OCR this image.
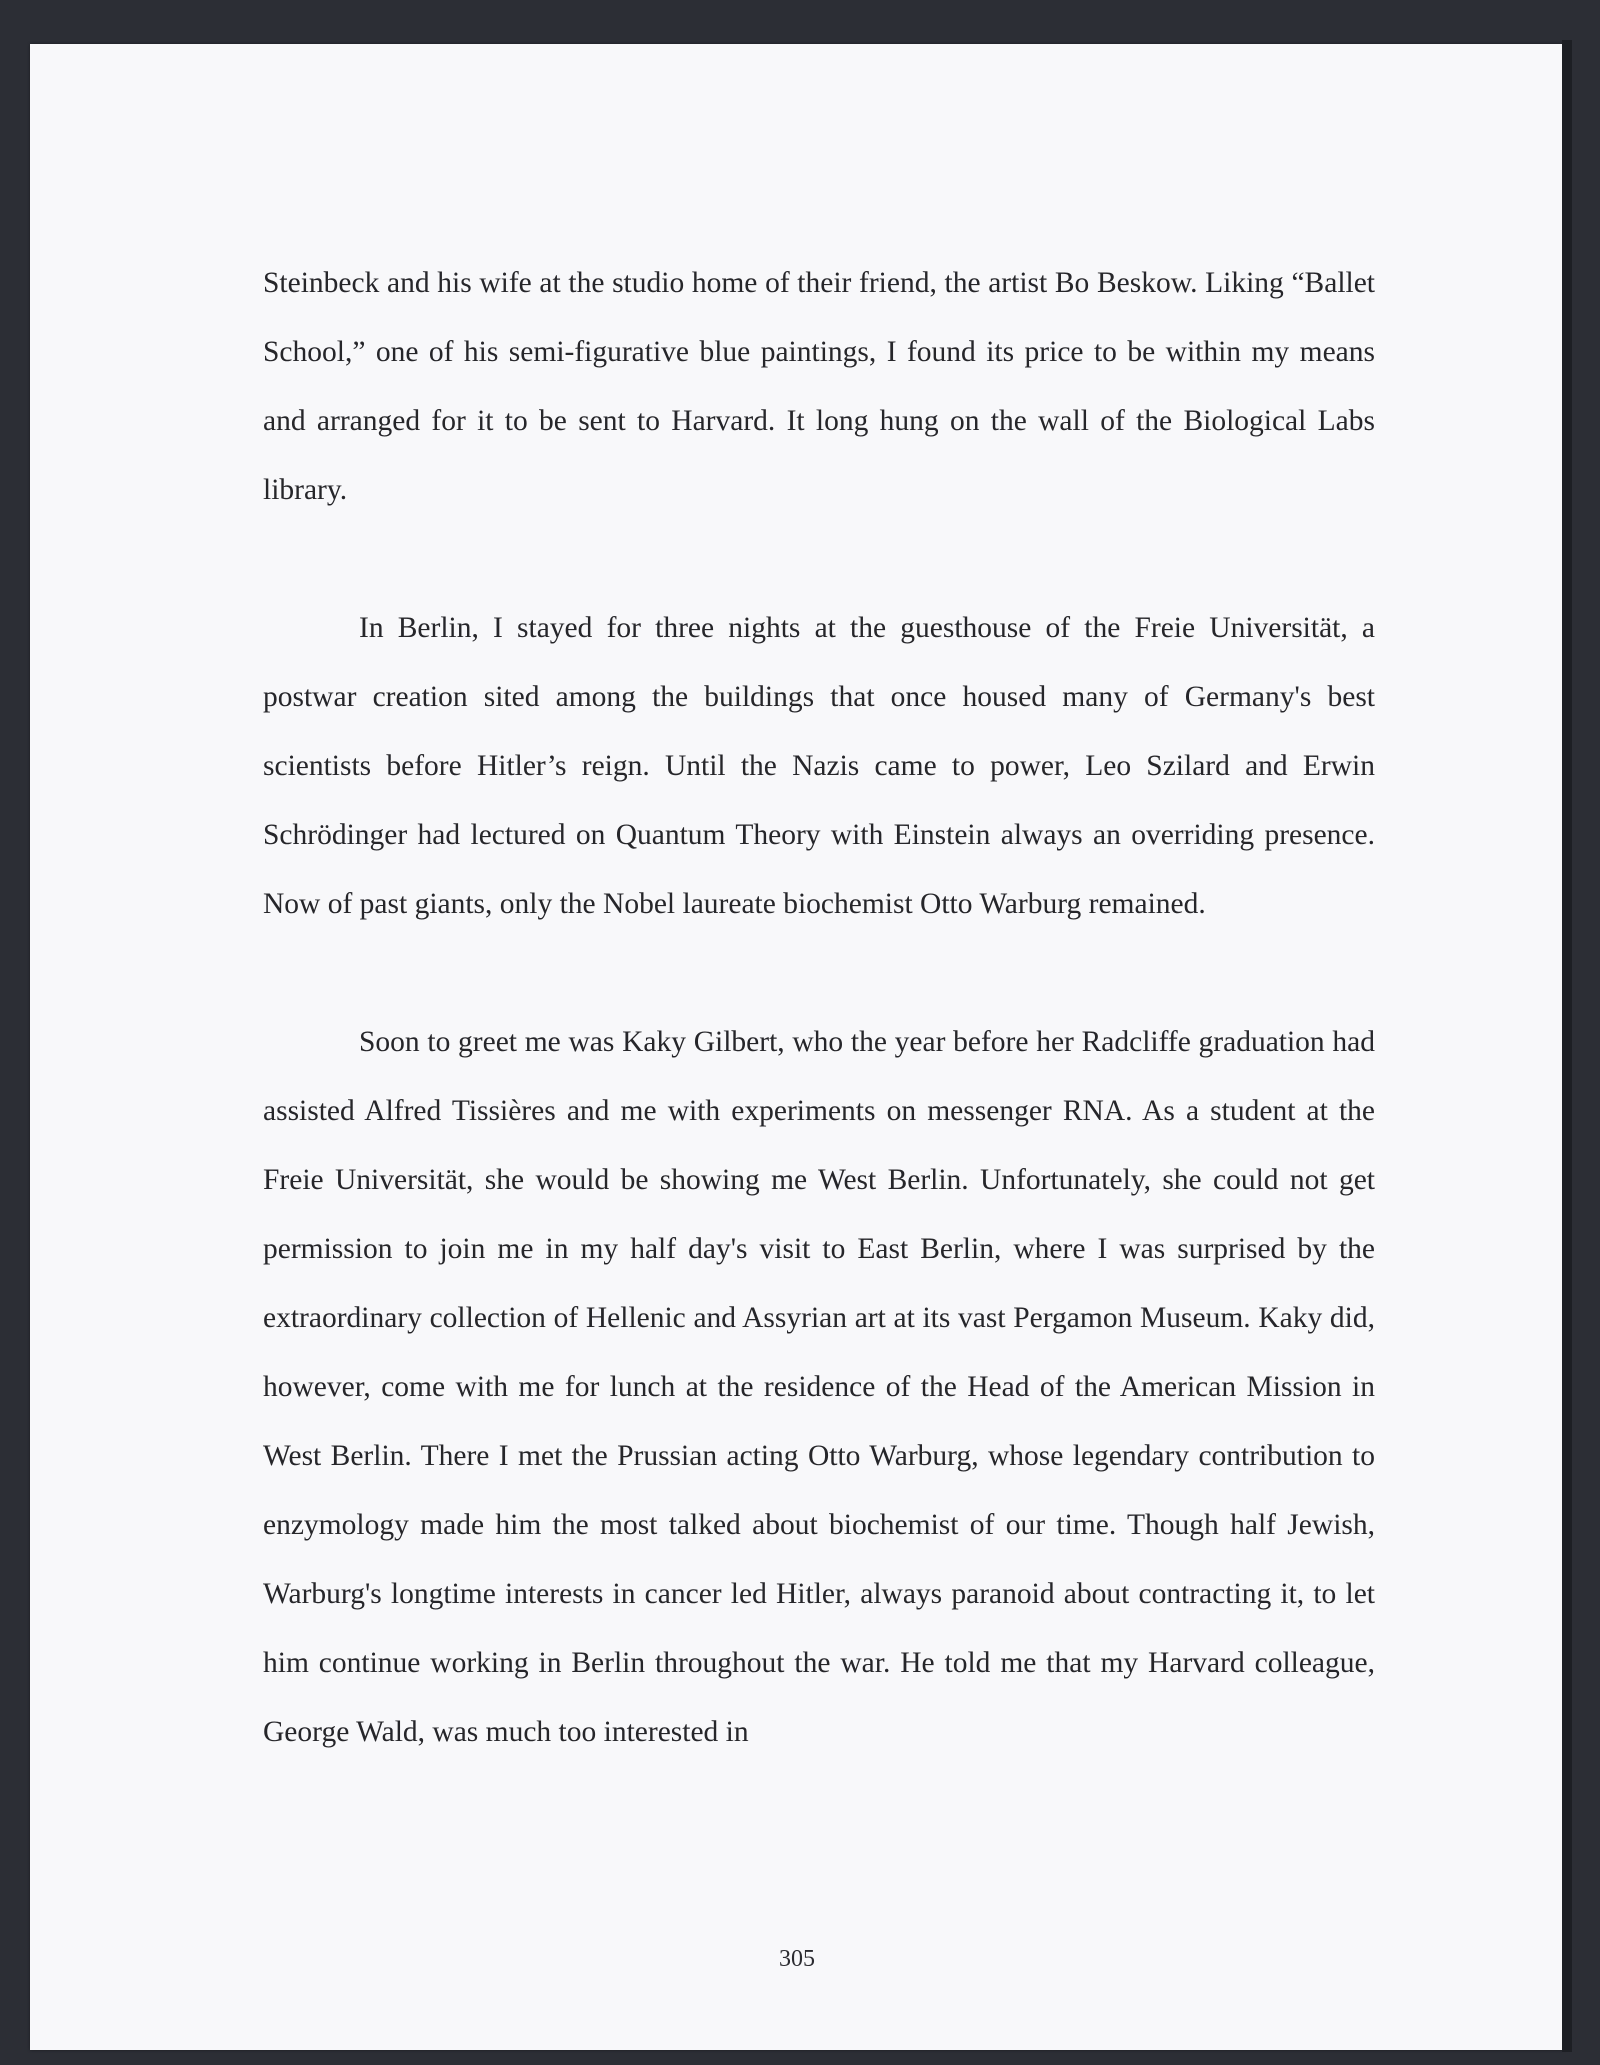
Steinbeck and his wife at the studio home of their friend, the artist Bo Beskow. Liking “Ballet School,” one of his semi-figurative blue paintings, I found its price to be within my means and arranged for it to be sent to Harvard. It long hung on the wall of the Biological Labs library.

In Berlin, I stayed for three nights at the guesthouse of the Freie Universität, a postwar creation sited among the buildings that once housed many of Germany's best scientists before Hitler’s reign. Until the Nazis came to power, Leo Szilard and Erwin Schrödinger had lectured on Quantum Theory with Einstein always an overriding presence. Now of past giants, only the Nobel laureate biochemist Otto Warburg remained.

Soon to greet me was Kaky Gilbert, who the year before her Radcliffe graduation had assisted Alfred Tissières and me with experiments on messenger RNA. As a student at the Freie Universität, she would be showing me West Berlin. Unfortunately, she could not get permission to join me in my half day's visit to East Berlin, where I was surprised by the extraordinary collection of Hellenic and Assyrian art at its vast Pergamon Museum. Kaky did, however, come with me for lunch at the residence of the Head of the American Mission in West Berlin. There I met the Prussian acting Otto Warburg, whose legendary contribution to enzymology made him the most talked about biochemist of our time. Though half Jewish, Warburg's longtime interests in cancer led Hitler, always paranoid about contracting it, to let him continue working in Berlin throughout the war. He told me that my Harvard colleague, George Wald, was much too interested in

305
